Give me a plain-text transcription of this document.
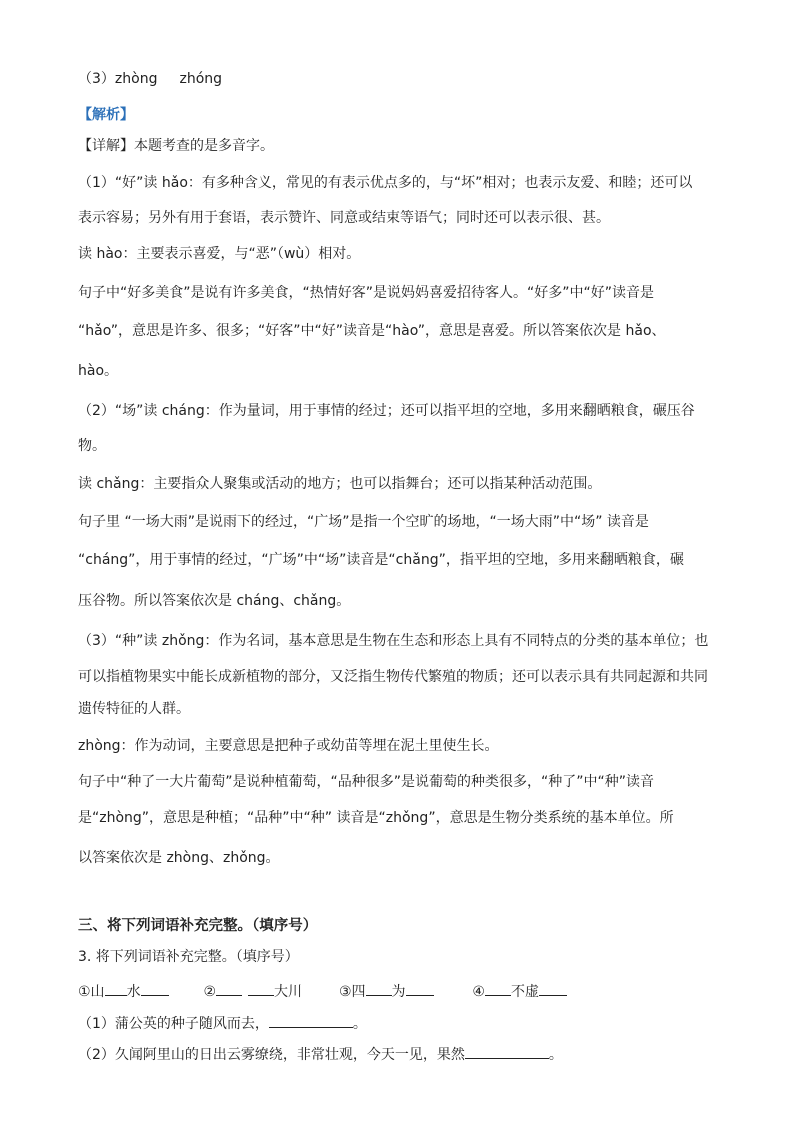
（3）zhòng zhóng
【解析】
【详解】本题考查的是多音字。
（1）“好”读 hǎo：有多种含义，常见的有表示优点多的，与“坏”相对；也表示友爱、和睦；还可以
表示容易；另外有用于套语，表示赞许、同意或结束等语气；同时还可以表示很、甚。
读 hào：主要表示喜爱，与“恶”（wù）相对。
句子中“好多美食”是说有许多美食，“热情好客”是说妈妈喜爱招待客人。“好多”中“好”读音是
“hǎo”，意思是许多、很多；“好客”中“好”读音是“hào”，意思是喜爱。所以答案依次是 hǎo、
hào。
（2）“场”读 cháng：作为量词，用于事情的经过；还可以指平坦的空地，多用来翻晒粮食，碾压谷
物。
读 chǎng：主要指众人聚集或活动的地方；也可以指舞台；还可以指某种活动范围。
句子里 “一场大雨”是说雨下的经过，“广场”是指一个空旷的场地，“一场大雨”中“场” 读音是
“cháng”，用于事情的经过，“广场”中“场”读音是“chǎng”，指平坦的空地，多用来翻晒粮食，碾
压谷物。所以答案依次是 cháng、chǎng。
（3）“种”读 zhǒng：作为名词，基本意思是生物在生态和形态上具有不同特点的分类的基本单位；也
可以指植物果实中能长成新植物的部分，又泛指生物传代繁殖的物质；还可以表示具有共同起源和共同
遗传特征的人群。
zhòng：作为动词，主要意思是把种子或幼苗等埋在泥土里使生长。
句子中“种了一大片葡萄”是说种植葡萄，“品种很多”是说葡萄的种类很多，“种了”中“种”读音
是“zhòng”，意思是种植；“品种”中“种” 读音是“zhǒng”，意思是生物分类系统的基本单位。所
以答案依次是 zhòng、zhǒng。
三、将下列词语补充完整。（填序号）
3. 将下列词语补充完整。（填序号）
①山 水	②	大川	③四 为	④ 不虚
（1）蒲公英的种子随风而去，	。
（2）久闻阿里山的日出云雾缭绕，非常壮观，今天一见，果然	。
